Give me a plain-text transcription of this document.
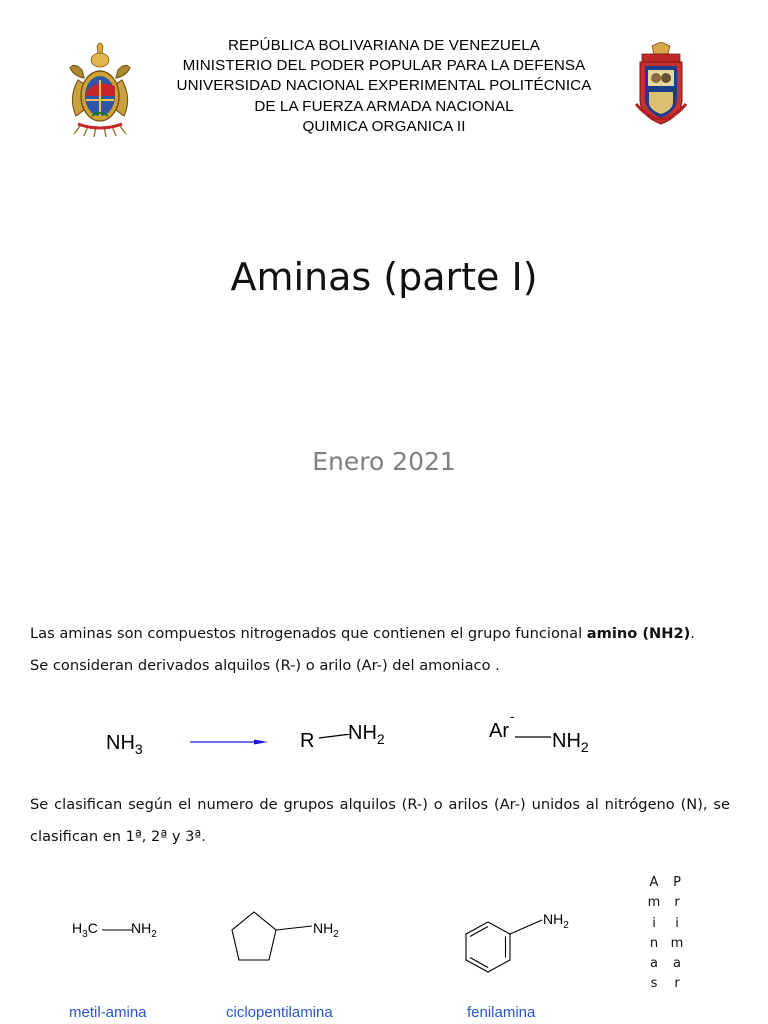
REPÚBLICA BOLIVARIANA DE VENEZUELA
MINISTERIO DEL PODER POPULAR PARA LA DEFENSA
UNIVERSIDAD NACIONAL EXPERIMENTAL POLITÉCNICA
DE LA FUERZA ARMADA NACIONAL
QUIMICA ORGANICA II
Aminas (parte I)
Enero 2021
Las aminas son compuestos nitrogenados que contienen el grupo funcional amino (NH2).
Se consideran derivados alquilos (R-) o arilo (Ar-) del amoniaco .
$NH_3$	R $NH_2$	Ar
-
$NH_2$
Se clasifican según el numero de grupos alquilos (R-) o arilos (Ar-) unidos al nitrógeno (N), se clasifican en 1ª, 2ª y 3ª.
$H_3C$ $NH_2$	$NH_2$
$NH_2$
metil-amina	ciclopentilamina	fenilamina
A
m
i
n
a
s
P
r
i
m
a
r
